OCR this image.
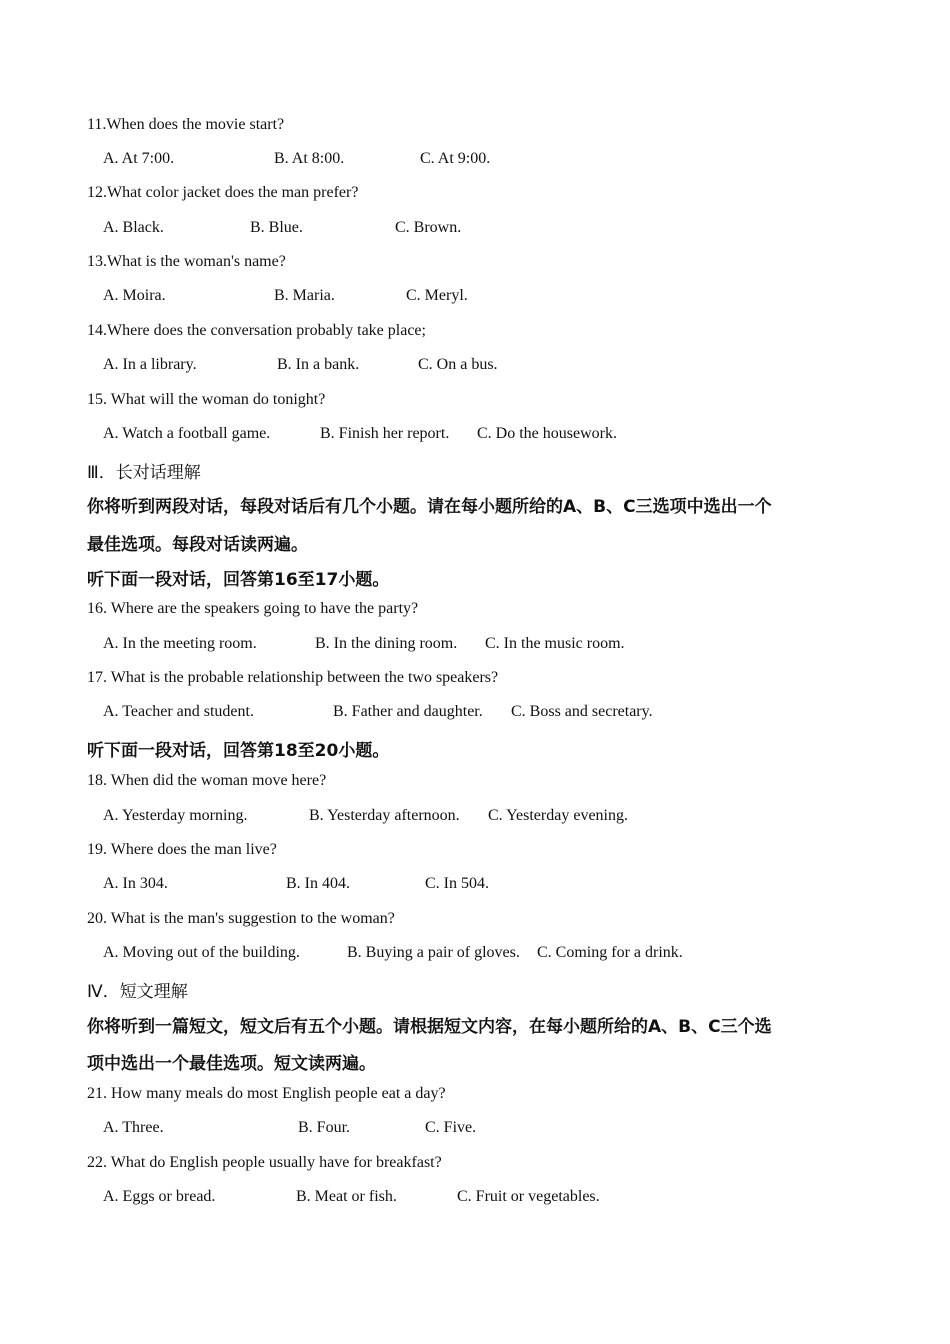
11.When does the movie start?
A. At 7:00.	B. At 8:00.	C. At 9:00.
12.What color jacket does the man prefer?
A. Black.	B. Blue.	C. Brown.
13.What is the woman's name?
A. Moira.	B. Maria.	C. Meryl.
14.Where does the conversation probably take place;
A. In a library.	B. In a bank.	C. On a bus.
15. What will the woman do tonight?
A. Watch a football game.	B. Finish her report. C. Do the housework.
Ⅲ．长对话理解
你将听到两段对话，每段对话后有几个小题。请在每小题所给的A、B、C三选项中选出一个
最佳选项。每段对话读两遍。
听下面一段对话，回答第16至17小题。
16. Where are the speakers going to have the party?
A. In the meeting room.	B. In the dining room. C. In the music room.
17. What is the probable relationship between the two speakers?
A. Teacher and student.	B. Father and daughter. C. Boss and secretary.
听下面一段对话，回答第18至20小题。
18. When did the woman move here?
A. Yesterday morning.	B. Yesterday afternoon. C. Yesterday evening.
19. Where does the man live?
A. In 304.	B. In 404.	C. In 504.
20. What is the man's suggestion to the woman?
A. Moving out of the building.	B. Buying a pair of gloves. C. Coming for a drink.
Ⅳ．短文理解
你将听到一篇短文，短文后有五个小题。请根据短文内容，在每小题所给的A、B、C三个选
项中选出一个最佳选项。短文读两遍。
21. How many meals do most English people eat a day?
A. Three.	B. Four.	C. Five.
22. What do English people usually have for breakfast?
A. Eggs or bread.	B. Meat or fish.	C. Fruit or vegetables.
